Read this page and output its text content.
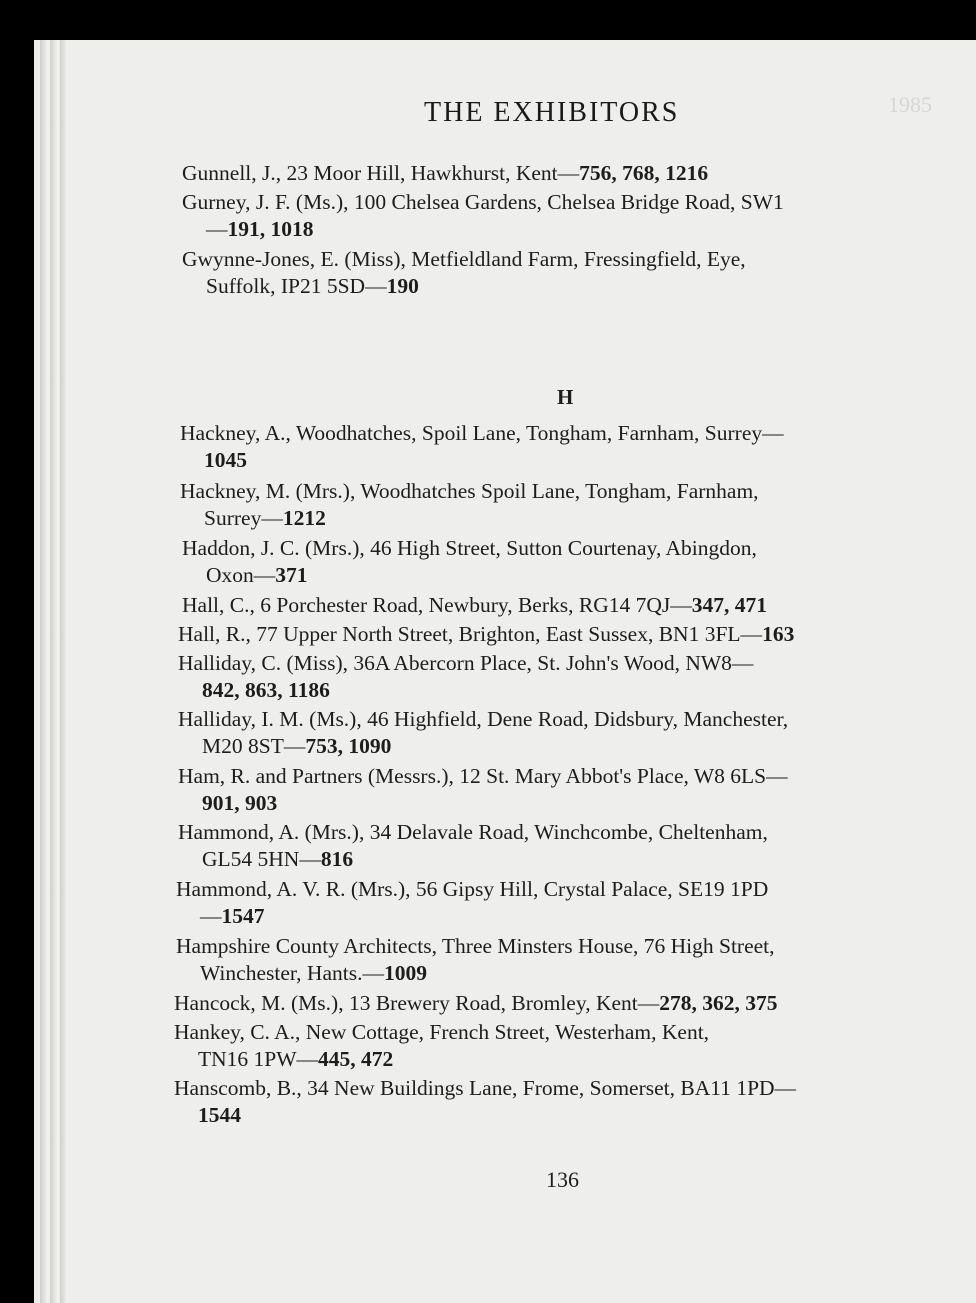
1985
THE EXHIBITORS
Gunnell, J., 23 Moor Hill, Hawkhurst, Kent—756, 768, 1216
Gurney, J. F. (Ms.), 100 Chelsea Gardens, Chelsea Bridge Road, SW1
—191, 1018
Gwynne-Jones, E. (Miss), Metfieldland Farm, Fressingfield, Eye,
Suffolk, IP21 5SD—190
H
Hackney, A., Woodhatches, Spoil Lane, Tongham, Farnham, Surrey—
1045
Hackney, M. (Mrs.), Woodhatches Spoil Lane, Tongham, Farnham,
Surrey—1212
Haddon, J. C. (Mrs.), 46 High Street, Sutton Courtenay, Abingdon,
Oxon—371
Hall, C., 6 Porchester Road, Newbury, Berks, RG14 7QJ—347, 471
Hall, R., 77 Upper North Street, Brighton, East Sussex, BN1 3FL—163
Halliday, C. (Miss), 36A Abercorn Place, St. John's Wood, NW8—
842, 863, 1186
Halliday, I. M. (Ms.), 46 Highfield, Dene Road, Didsbury, Manchester,
M20 8ST—753, 1090
Ham, R. and Partners (Messrs.), 12 St. Mary Abbot's Place, W8 6LS—
901, 903
Hammond, A. (Mrs.), 34 Delavale Road, Winchcombe, Cheltenham,
GL54 5HN—816
Hammond, A. V. R. (Mrs.), 56 Gipsy Hill, Crystal Palace, SE19 1PD
—1547
Hampshire County Architects, Three Minsters House, 76 High Street,
Winchester, Hants.—1009
Hancock, M. (Ms.), 13 Brewery Road, Bromley, Kent—278, 362, 375
Hankey, C. A., New Cottage, French Street, Westerham, Kent,
TN16 1PW—445, 472
Hanscomb, B., 34 New Buildings Lane, Frome, Somerset, BA11 1PD—
1544
136
